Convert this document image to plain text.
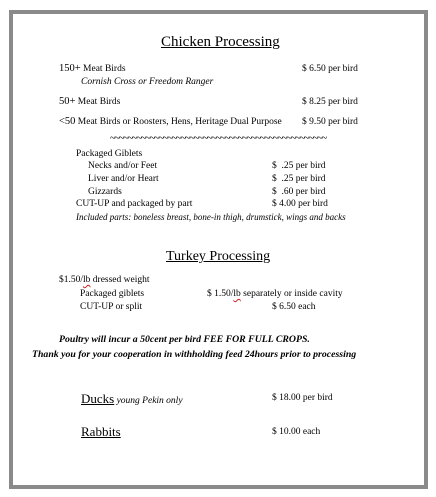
Chicken Processing
150+ Meat Birds	$ 6.50 per bird
Cornish Cross or Freedom Ranger
50+ Meat Birds	$ 8.25 per bird
<50 Meat Birds or Roosters, Hens, Heritage Dual Purpose $ 9.50 per bird
~~~~~~~~~~~~~~~~~~~~~~~~~~~~~~~~~~~~~~~~~~~~~~~~~
Packaged Giblets
Necks and/or Feet	$  .25 per bird
Liver and/or Heart	$  .25 per bird
Gizzards	$  .60 per bird
CUT-UP and packaged by part	$ 4.00 per bird
Included parts: boneless breast, bone-in thigh, drumstick, wings and backs
Turkey Processing
$1.50/lb dressed weight
Packaged giblets	$ 1.50/lb separately or inside cavity
CUT-UP or split	$ 6.50 each
Poultry will incur a 50cent per bird FEE FOR FULL CROPS.
Thank you for your cooperation in withholding feed 24hours prior to processing
Ducks young Pekin only	$ 18.00 per bird
Rabbits	$ 10.00 each
